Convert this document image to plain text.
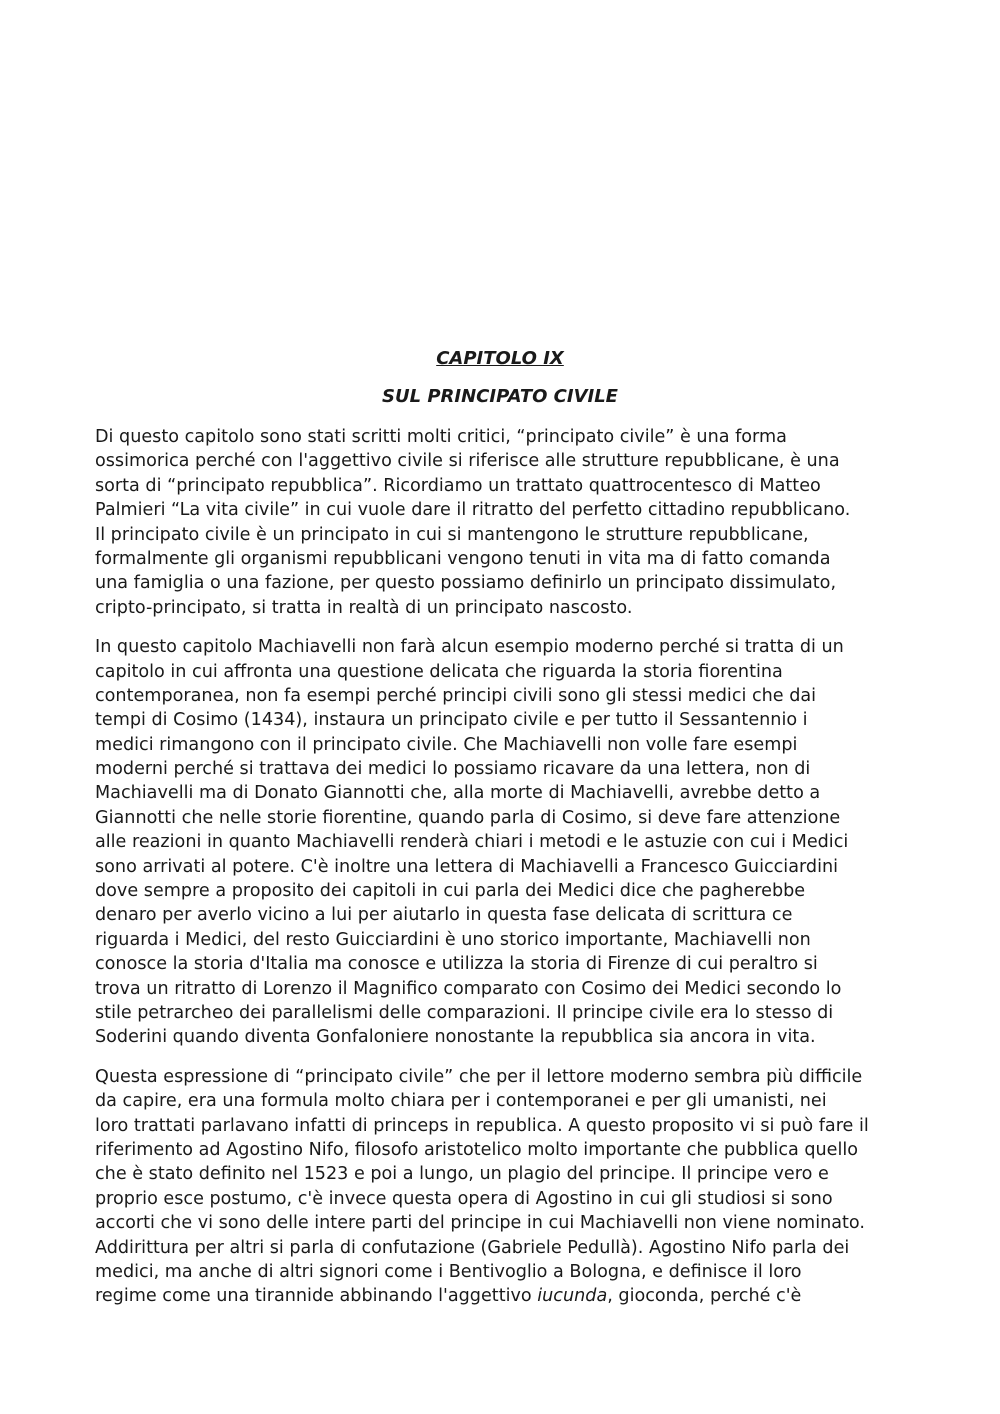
CAPITOLO IX
SUL PRINCIPATO CIVILE

Di questo capitolo sono stati scritti molti critici, “principato civile” è una forma
ossimorica perché con l'aggettivo civile si riferisce alle strutture repubblicane, è una
sorta di “principato repubblica”. Ricordiamo un trattato quattrocentesco di Matteo
Palmieri “La vita civile” in cui vuole dare il ritratto del perfetto cittadino repubblicano.
Il principato civile è un principato in cui si mantengono le strutture repubblicane,
formalmente gli organismi repubblicani vengono tenuti in vita ma di fatto comanda
una famiglia o una fazione, per questo possiamo definirlo un principato dissimulato,
cripto-principato, si tratta in realtà di un principato nascosto.

In questo capitolo Machiavelli non farà alcun esempio moderno perché si tratta di un
capitolo in cui affronta una questione delicata che riguarda la storia fiorentina
contemporanea, non fa esempi perché principi civili sono gli stessi medici che dai
tempi di Cosimo (1434), instaura un principato civile e per tutto il Sessantennio i
medici rimangono con il principato civile. Che Machiavelli non volle fare esempi
moderni perché si trattava dei medici lo possiamo ricavare da una lettera, non di
Machiavelli ma di Donato Giannotti che, alla morte di Machiavelli, avrebbe detto a
Giannotti che nelle storie fiorentine, quando parla di Cosimo, si deve fare attenzione
alle reazioni in quanto Machiavelli renderà chiari i metodi e le astuzie con cui i Medici
sono arrivati al potere. C'è inoltre una lettera di Machiavelli a Francesco Guicciardini
dove sempre a proposito dei capitoli in cui parla dei Medici dice che pagherebbe
denaro per averlo vicino a lui per aiutarlo in questa fase delicata di scrittura ce
riguarda i Medici, del resto Guicciardini è uno storico importante, Machiavelli non
conosce la storia d'Italia ma conosce e utilizza la storia di Firenze di cui peraltro si
trova un ritratto di Lorenzo il Magnifico comparato con Cosimo dei Medici secondo lo
stile petrarcheo dei parallelismi delle comparazioni. Il principe civile era lo stesso di
Soderini quando diventa Gonfaloniere nonostante la repubblica sia ancora in vita.

Questa espressione di “principato civile” che per il lettore moderno sembra più difficile
da capire, era una formula molto chiara per i contemporanei e per gli umanisti, nei
loro trattati parlavano infatti di princeps in republica. A questo proposito vi si può fare il
riferimento ad Agostino Nifo, filosofo aristotelico molto importante che pubblica quello
che è stato definito nel 1523 e poi a lungo, un plagio del principe. Il principe vero e
proprio esce postumo, c'è invece questa opera di Agostino in cui gli studiosi si sono
accorti che vi sono delle intere parti del principe in cui Machiavelli non viene nominato.
Addirittura per altri si parla di confutazione (Gabriele Pedullà). Agostino Nifo parla dei
medici, ma anche di altri signori come i Bentivoglio a Bologna, e definisce il loro
regime come una tirannide abbinando l'aggettivo iucunda, gioconda, perché c'è
